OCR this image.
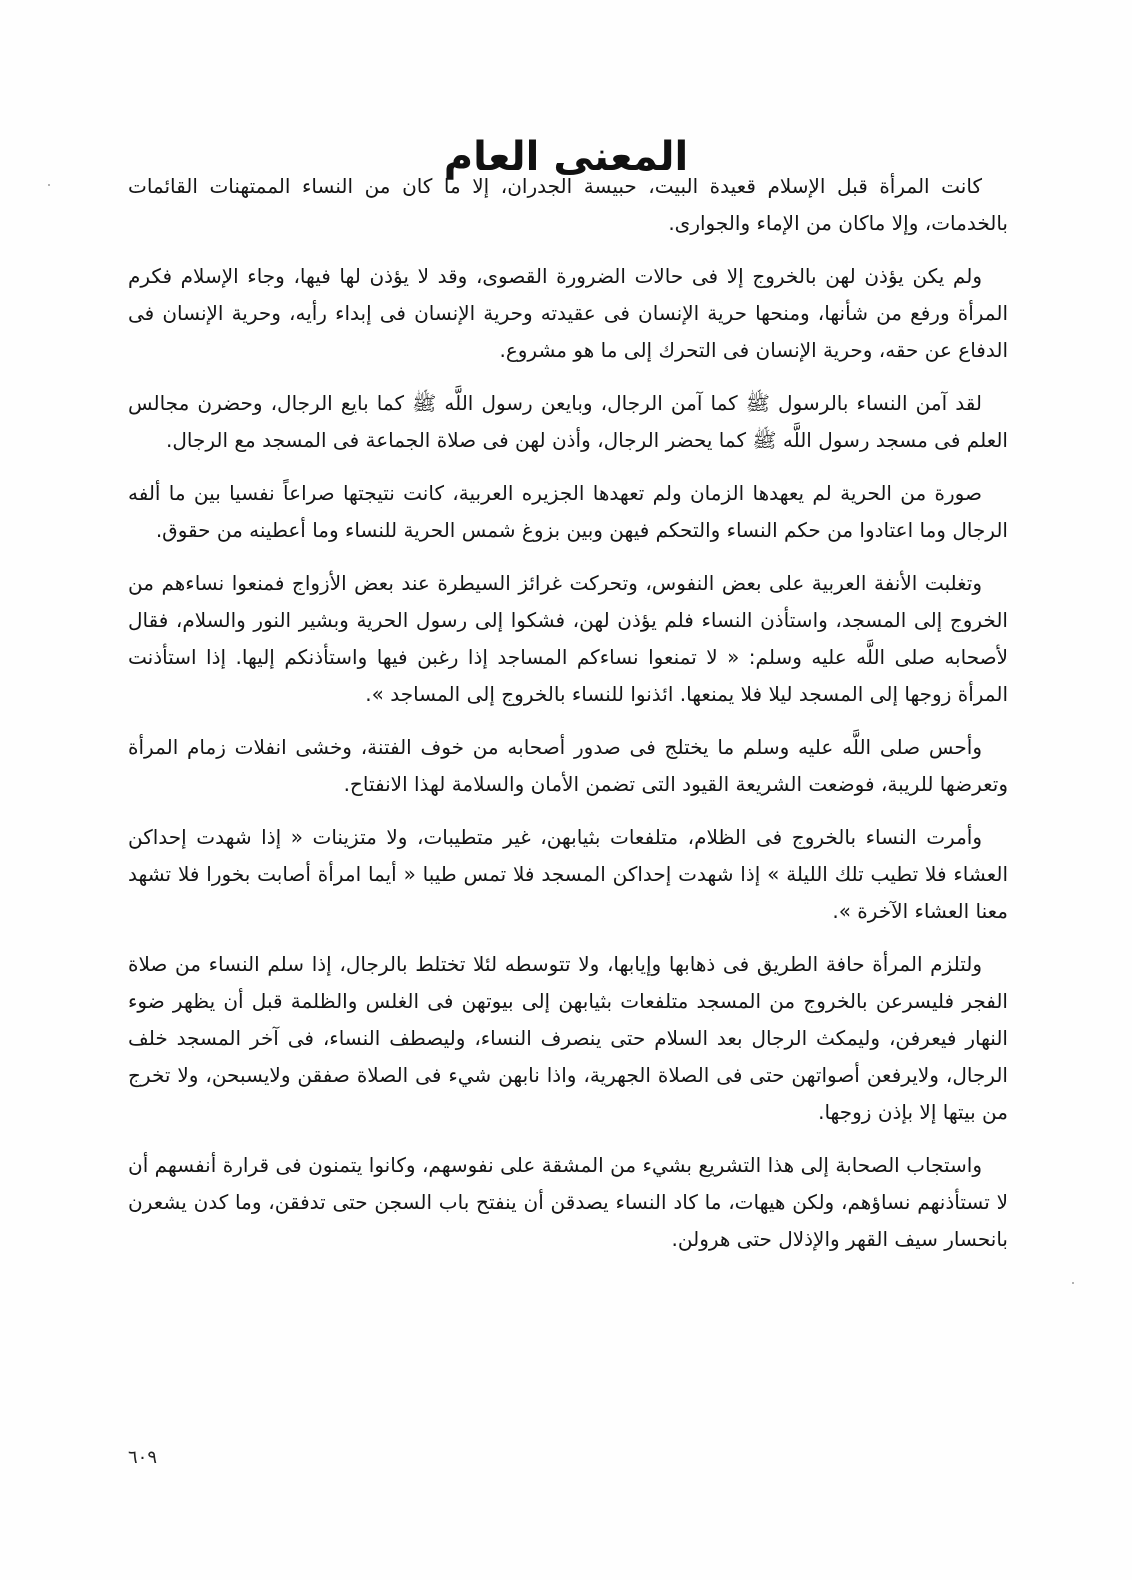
المعنى العام

كانت المرأة قبل الإسلام قعيدة البيت، حبيسة الجدران، إلا ما كان من النساء الممتهنات القائمات بالخدمات، وإلا ماكان من الإماء والجوارى.

ولم يكن يؤذن لهن بالخروج إلا فى حالات الضرورة القصوى، وقد لا يؤذن لها فيها، وجاء الإسلام فكرم المرأة ورفع من شأنها، ومنحها حرية الإنسان فى عقيدته وحرية الإنسان فى إبداء رأيه، وحرية الإنسان فى الدفاع عن حقه، وحرية الإنسان فى التحرك إلى ما هو مشروع.

لقد آمن النساء بالرسول ﷺ كما آمن الرجال، وبايعن رسول اللَّه ﷺ كما بايع الرجال، وحضرن مجالس العلم فى مسجد رسول اللَّه ﷺ كما يحضر الرجال، وأذن لهن فى صلاة الجماعة فى المسجد مع الرجال.

صورة من الحرية لم يعهدها الزمان ولم تعهدها الجزيره العربية، كانت نتيجتها صراعاً نفسيا بين ما ألفه الرجال وما اعتادوا من حكم النساء والتحكم فيهن وبين بزوغ شمس الحرية للنساء وما أعطينه من حقوق.

وتغلبت الأنفة العربية على بعض النفوس، وتحركت غرائز السيطرة عند بعض الأزواج فمنعوا نساءهم من الخروج إلى المسجد، واستأذن النساء فلم يؤذن لهن، فشكوا إلى رسول الحرية وبشير النور والسلام، فقال لأصحابه صلى اللَّه عليه وسلم: « لا تمنعوا نساءكم المساجد إذا رغبن فيها واستأذنكم إليها. إذا استأذنت المرأة زوجها إلى المسجد ليلا فلا يمنعها. ائذنوا للنساء بالخروج إلى المساجد ».

وأحس صلى اللَّه عليه وسلم ما يختلج فى صدور أصحابه من خوف الفتنة، وخشى انفلات زمام المرأة وتعرضها للريبة، فوضعت الشريعة القيود التى تضمن الأمان والسلامة لهذا الانفتاح.

وأمرت النساء بالخروج فى الظلام، متلفعات بثيابهن، غير متطيبات، ولا متزينات « إذا شهدت إحداكن العشاء فلا تطيب تلك الليلة » إذا شهدت إحداكن المسجد فلا تمس طيبا « أيما امرأة أصابت بخورا فلا تشهد معنا العشاء الآخرة ».

ولتلزم المرأة حافة الطريق فى ذهابها وإيابها، ولا تتوسطه لئلا تختلط بالرجال، إذا سلم النساء من صلاة الفجر فليسرعن بالخروج من المسجد متلفعات بثيابهن إلى بيوتهن فى الغلس والظلمة قبل أن يظهر ضوء النهار فيعرفن، وليمكث الرجال بعد السلام حتى ينصرف النساء، وليصطف النساء، فى آخر المسجد خلف الرجال، ولايرفعن أصواتهن حتى فى الصلاة الجهرية، واذا نابهن شيء فى الصلاة صفقن ولايسبحن، ولا تخرج من بيتها إلا بإذن زوجها.

واستجاب الصحابة إلى هذا التشريع بشيء من المشقة على نفوسهم، وكانوا يتمنون فى قرارة أنفسهم أن لا تستأذنهم نساؤهم، ولكن هيهات، ما كاد النساء يصدقن أن ينفتح باب السجن حتى تدفقن، وما كدن يشعرن بانحسار سيف القهر والإذلال حتى هرولن.

٦٠٩
